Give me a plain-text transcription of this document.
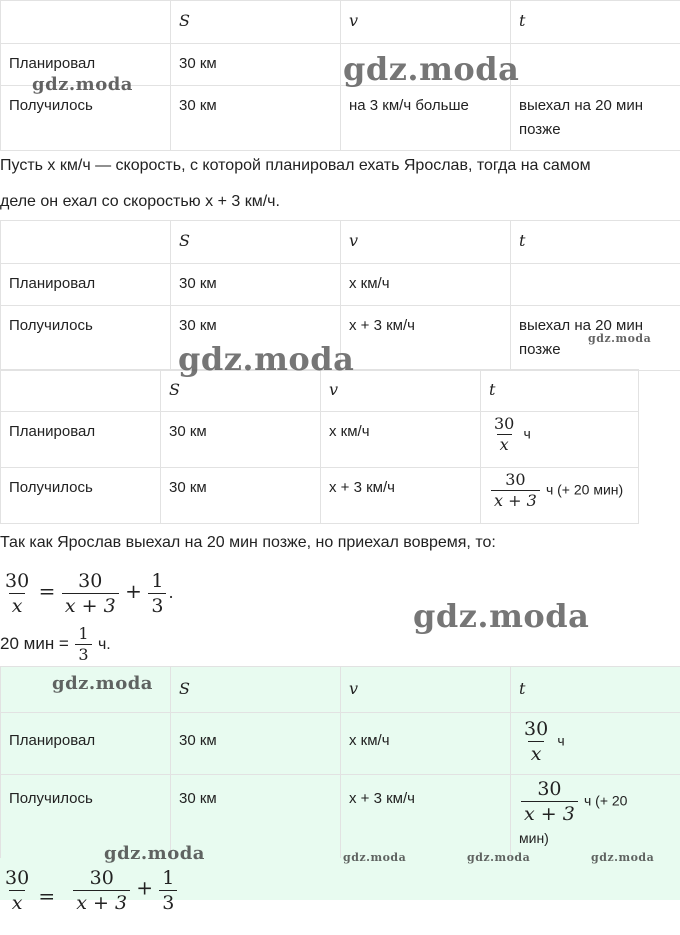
	S	v	t
Планировал	30 км		
Получилось	30 км	на 3 км/ч больше	выехал на 20 мин
позже
Пусть x км/ч — скорость, с которой планировал ехать Ярослав, тогда на самом
деле он ехал со скоростью x + 3 км/ч.
	S	v	t
Планировал	30 км	x км/ч	
Получилось	30 км	x + 3 км/ч	выехал на 20 мин
позже
	S	v	t
Планировал	30 км	x км/ч	$\frac{30}{x}$ ч
Получилось	30 км	x + 3 км/ч	$\frac{30}{x + 3}$ ч (+ 20 мин)
Так как Ярослав выехал на 20 мин позже, но приехал вовремя, то:
$\frac{30}{x} = \frac{30}{x + 3} + \frac{1}{3}$ .
20 мин = $\frac{1}{3} ч$.
	S	v	t
Планировал	30 км	x км/ч	$\frac{30}{x}$ ч
Получилось	30 км	x + 3 км/ч	$\frac{30}{x + 3}$ ч (+ 20
мин)
$\frac{30}{x} = \frac{30}{x + 3} + \frac{1}{3}$
gdz.moda
gdz.moda
gdz.moda
gdz.moda
gdz.moda
gdz.moda
gdz.moda	gdz.moda	gdz.moda	gdz.moda
